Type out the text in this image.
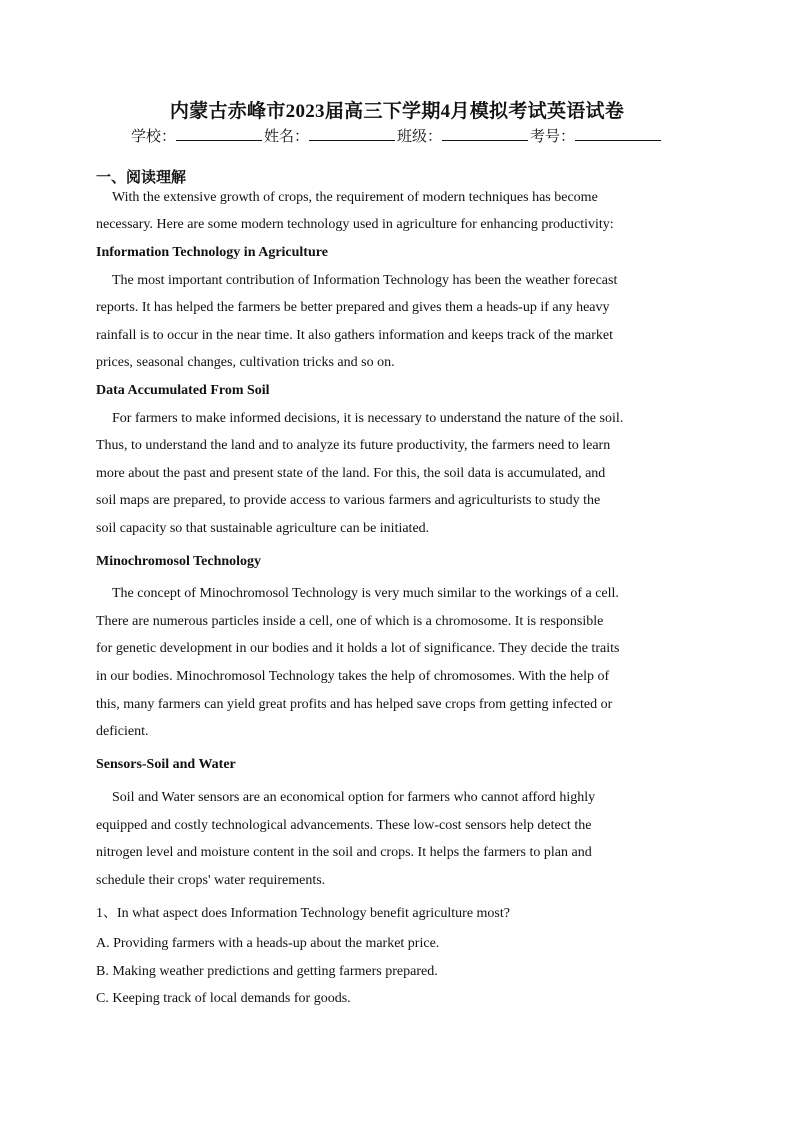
内蒙古赤峰市2023届高三下学期4月模拟考试英语试卷
学校：	姓名：	班级：	考号：
一、阅读理解
With the extensive growth of crops, the requirement of modern techniques has become
necessary. Here are some modern technology used in agriculture for enhancing productivity:
Information Technology in Agriculture
The most important contribution of Information Technology has been the weather forecast
reports. It has helped the farmers be better prepared and gives them a heads-up if any heavy
rainfall is to occur in the near time. It also gathers information and keeps track of the market
prices, seasonal changes, cultivation tricks and so on.
Data Accumulated From Soil
For farmers to make informed decisions, it is necessary to understand the nature of the soil.
Thus, to understand the land and to analyze its future productivity, the farmers need to learn
more about the past and present state of the land. For this, the soil data is accumulated, and
soil maps are prepared, to provide access to various farmers and agriculturists to study the
soil capacity so that sustainable agriculture can be initiated.
Minochromosol Technology
The concept of Minochromosol Technology is very much similar to the workings of a cell.
There are numerous particles inside a cell, one of which is a chromosome. It is responsible
for genetic development in our bodies and it holds a lot of significance. They decide the traits
in our bodies. Minochromosol Technology takes the help of chromosomes. With the help of
this, many farmers can yield great profits and has helped save crops from getting infected or
deficient.
Sensors-Soil and Water
Soil and Water sensors are an economical option for farmers who cannot afford highly
equipped and costly technological advancements. These low-cost sensors help detect the
nitrogen level and moisture content in the soil and crops. It helps the farmers to plan and
schedule their crops' water requirements.
1、In what aspect does Information Technology benefit agriculture most?
A. Providing farmers with a heads-up about the market price.
B. Making weather predictions and getting farmers prepared.
C. Keeping track of local demands for goods.
